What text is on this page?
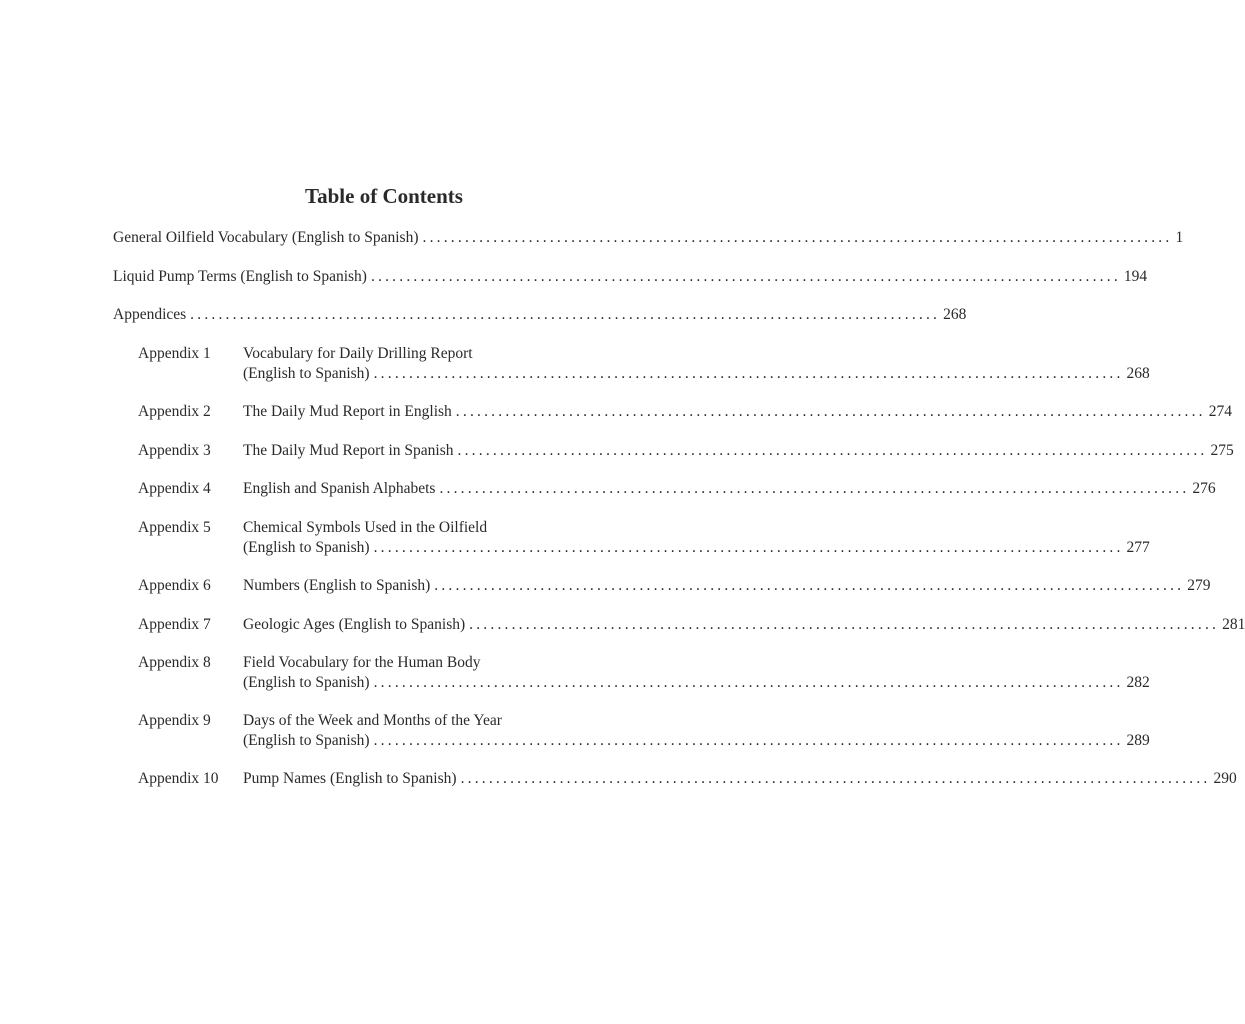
Table of Contents
General Oilfield Vocabulary (English to Spanish) .......................................................................................................... 1
Liquid Pump Terms (English to Spanish) .......................................................................................................... 194
Appendices .......................................................................................................... 268
Appendix 1	Vocabulary for Daily Drilling Report
(English to Spanish) .......................................................................................................... 268
Appendix 2	The Daily Mud Report in English .......................................................................................................... 274
Appendix 3	The Daily Mud Report in Spanish .......................................................................................................... 275
Appendix 4	English and Spanish Alphabets .......................................................................................................... 276
Appendix 5	Chemical Symbols Used in the Oilfield
(English to Spanish) .......................................................................................................... 277
Appendix 6	Numbers (English to Spanish) .......................................................................................................... 279
Appendix 7	Geologic Ages (English to Spanish) .......................................................................................................... 281
Appendix 8	Field Vocabulary for the Human Body
(English to Spanish) .......................................................................................................... 282
Appendix 9	Days of the Week and Months of the Year
(English to Spanish) .......................................................................................................... 289
Appendix 10	Pump Names (English to Spanish) .......................................................................................................... 290
